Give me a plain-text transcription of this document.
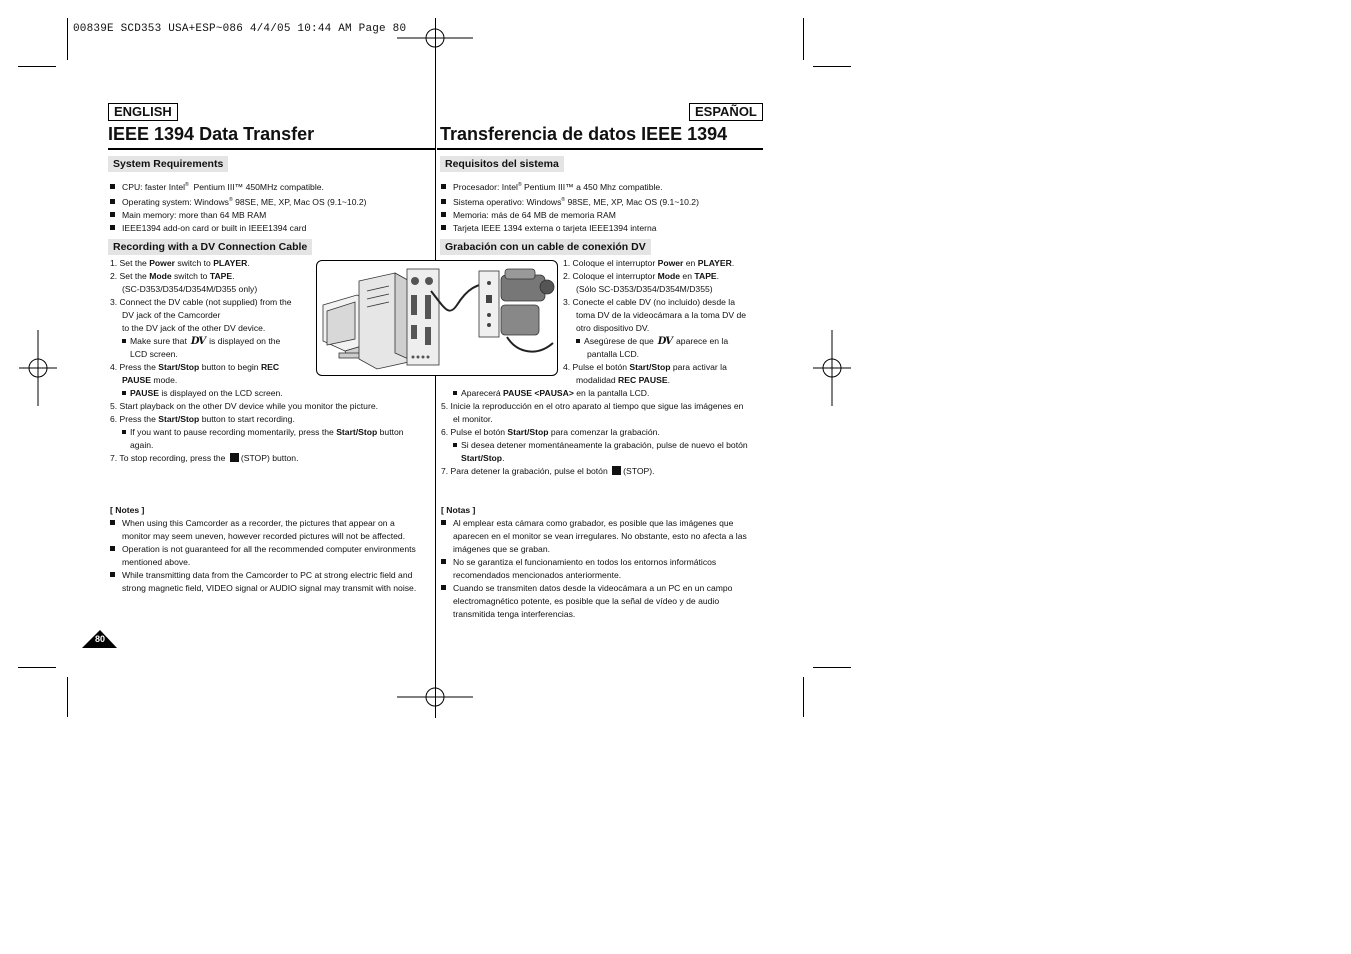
00839E SCD353 USA+ESP~086 4/4/05 10:44 AM Page 80
ENGLISH
IEEE 1394 Data Transfer
System Requirements
CPU: faster Intel® Pentium III™ 450MHz compatible.
Operating system: Windows® 98SE, ME, XP, Mac OS (9.1~10.2)
Main memory: more than 64 MB RAM
IEEE1394 add-on card or built in IEEE1394 card
Recording with a DV Connection Cable
1. Set the Power switch to PLAYER.
2. Set the Mode switch to TAPE.
(SC-D353/D354/D354M/D355 only)
3. Connect the DV cable (not supplied) from the
DV jack of the Camcorder
to the DV jack of the other DV device.
Make sure that DV is displayed on the
LCD screen.
4. Press the Start/Stop button to begin REC
PAUSE mode.
PAUSE is displayed on the LCD screen.
5. Start playback on the other DV device while you monitor the picture.
6. Press the Start/Stop button to start recording.
If you want to pause recording momentarily, press the Start/Stop button
again.
7. To stop recording, press the (STOP) button.
[ Notes ]
When using this Camcorder as a recorder, the pictures that appear on a
monitor may seem uneven, however recorded pictures will not be affected.
Operation is not guaranteed for all the recommended computer environments
mentioned above.
While transmitting data from the Camcorder to PC at strong electric field and
strong magnetic field, VIDEO signal or AUDIO signal may transmit with noise.
80
ESPAÑOL
Transferencia de datos IEEE 1394
Requisitos del sistema
Procesador: Intel® Pentium III™ a 450 Mhz compatible.
Sistema operativo: Windows® 98SE, ME, XP, Mac OS (9.1~10.2)
Memoria: más de 64 MB de memoria RAM
Tarjeta IEEE 1394 externa o tarjeta IEEE1394 interna
Grabación con un cable de conexión DV
1. Coloque el interruptor Power en PLAYER.
2. Coloque el interruptor Mode en TAPE.
(Sólo SC-D353/D354/D354M/D355)
3. Conecte el cable DV (no incluido) desde la
toma DV de la videocámara a la toma DV de
otro dispositivo DV.
Asegúrese de que DV aparece en la
pantalla LCD.
4. Pulse el botón Start/Stop para activar la
modalidad REC PAUSE.
Aparecerá PAUSE <PAUSA> en la pantalla LCD.
5. Inicie la reproducción en el otro aparato al tiempo que sigue las imágenes en
el monitor.
6. Pulse el botón Start/Stop para comenzar la grabación.
Si desea detener momentáneamente la grabación, pulse de nuevo el botón
Start/Stop.
7. Para detener la grabación, pulse el botón (STOP).
[ Notas ]
Al emplear esta cámara como grabador, es posible que las imágenes que
aparecen en el monitor se vean irregulares. No obstante, esto no afecta a las
imágenes que se graban.
No se garantiza el funcionamiento en todos los entornos informáticos
recomendados mencionados anteriormente.
Cuando se transmiten datos desde la videocámara a un PC en un campo
electromagnético potente, es posible que la señal de vídeo y de audio
transmitida tenga interferencias.
